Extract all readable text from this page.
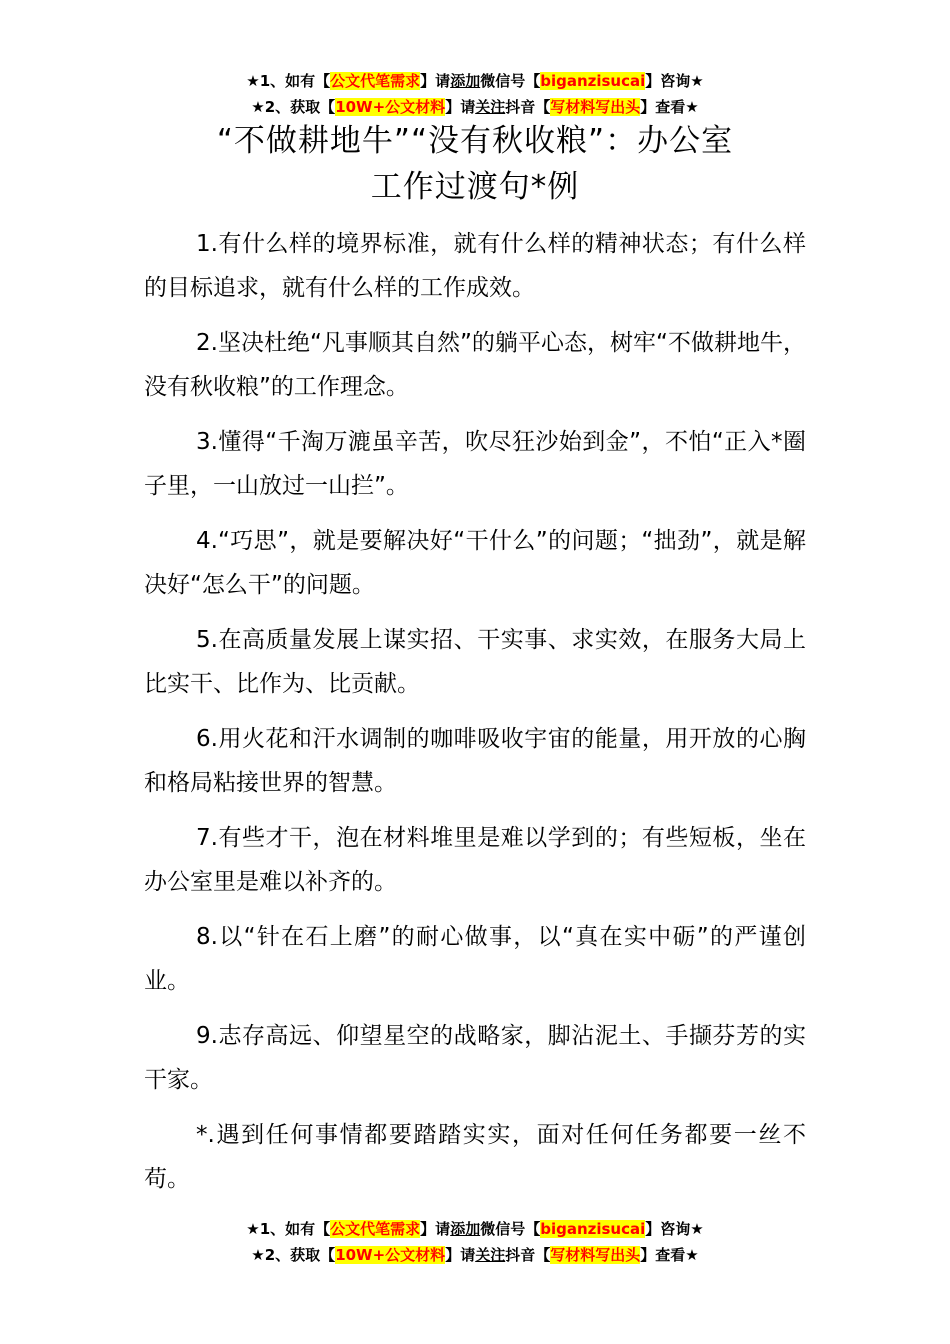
★1、如有【公文代笔需求】请添加微信号【biganzisucai】咨询★
★2、获取【10W+公文材料】请关注抖音【写材料写出头】查看★
“不做耕地牛”“没有秋收粮”：办公室
工作过渡句*例

1.有什么样的境界标准，就有什么样的精神状态；有什么样的目标追求，就有什么样的工作成效。

2.坚决杜绝“凡事顺其自然”的躺平心态，树牢“不做耕地牛，没有秋收粮”的工作理念。

3.懂得“千淘万漉虽辛苦，吹尽狂沙始到金”，不怕“正入*圈子里，一山放过一山拦”。

4.“巧思”，就是要解决好“干什么”的问题；“拙劲”，就是解决好“怎么干”的问题。

5.在高质量发展上谋实招、干实事、求实效，在服务大局上比实干、比作为、比贡献。

6.用火花和汗水调制的咖啡吸收宇宙的能量，用开放的心胸和格局粘接世界的智慧。

7.有些才干，泡在材料堆里是难以学到的；有些短板，坐在办公室里是难以补齐的。

8.以“针在石上磨”的耐心做事，以“真在实中砺”的严谨创业。

9.志存高远、仰望星空的战略家，脚沾泥土、手撷芬芳的实干家。

*.遇到任何事情都要踏踏实实，面对任何任务都要一丝不苟。

★1、如有【公文代笔需求】请添加微信号【biganzisucai】咨询★
★2、获取【10W+公文材料】请关注抖音【写材料写出头】查看★
